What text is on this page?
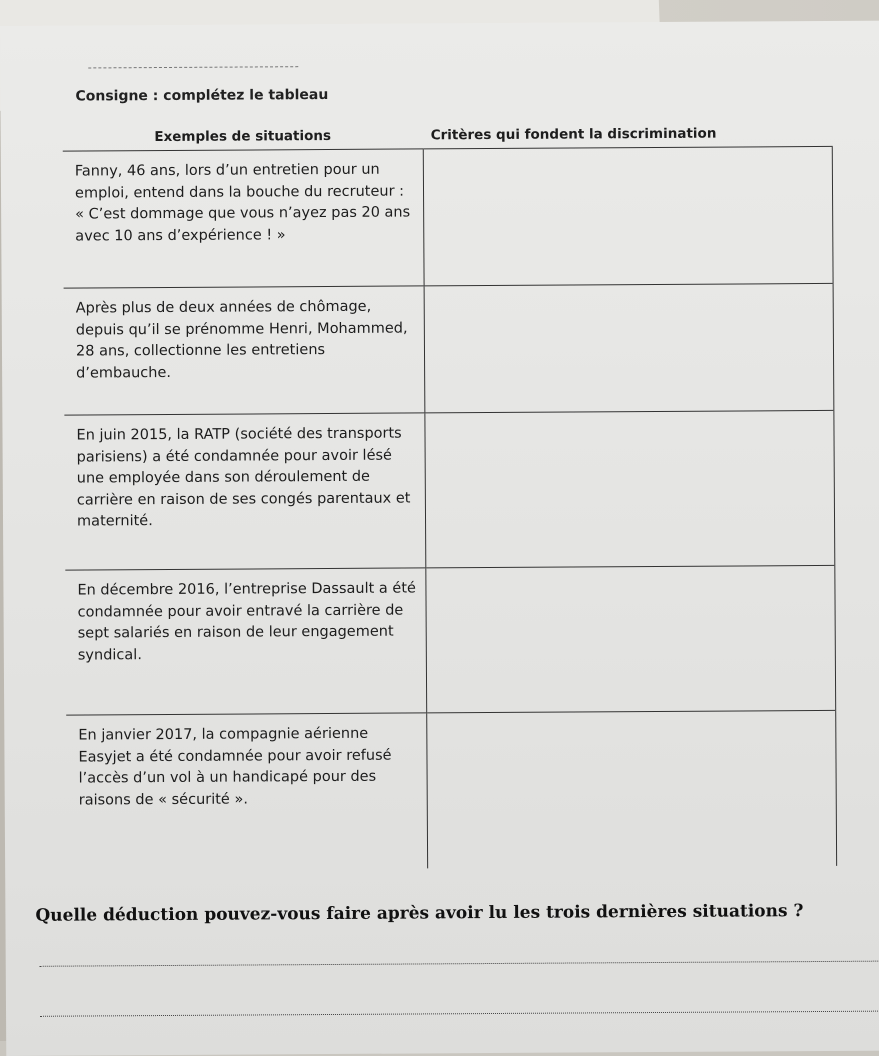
Consigne : complétez le tableau
Exemples de situations	Critères qui fondent la discrimination
Fanny, 46 ans, lors d’un entretien pour un emploi, entend dans la bouche du recruteur : « C’est dommage que vous n’ayez pas 20 ans avec 10 ans d’expérience ! »	
Après plus de deux années de chômage, depuis qu’il se prénomme Henri, Mohammed, 28 ans, collectionne les entretiens d’embauche.	
En juin 2015, la RATP (société des transports parisiens) a été condamnée pour avoir lésé une employée dans son déroulement de carrière en raison de ses congés parentaux et maternité.	
En décembre 2016, l’entreprise Dassault a été condamnée pour avoir entravé la carrière de sept salariés en raison de leur engagement syndical.	
En janvier 2017, la compagnie aérienne Easyjet a été condamnée pour avoir refusé l’accès d’un vol à un handicapé pour des raisons de « sécurité ».	
Quelle déduction pouvez-vous faire après avoir lu les trois dernières situations ?
